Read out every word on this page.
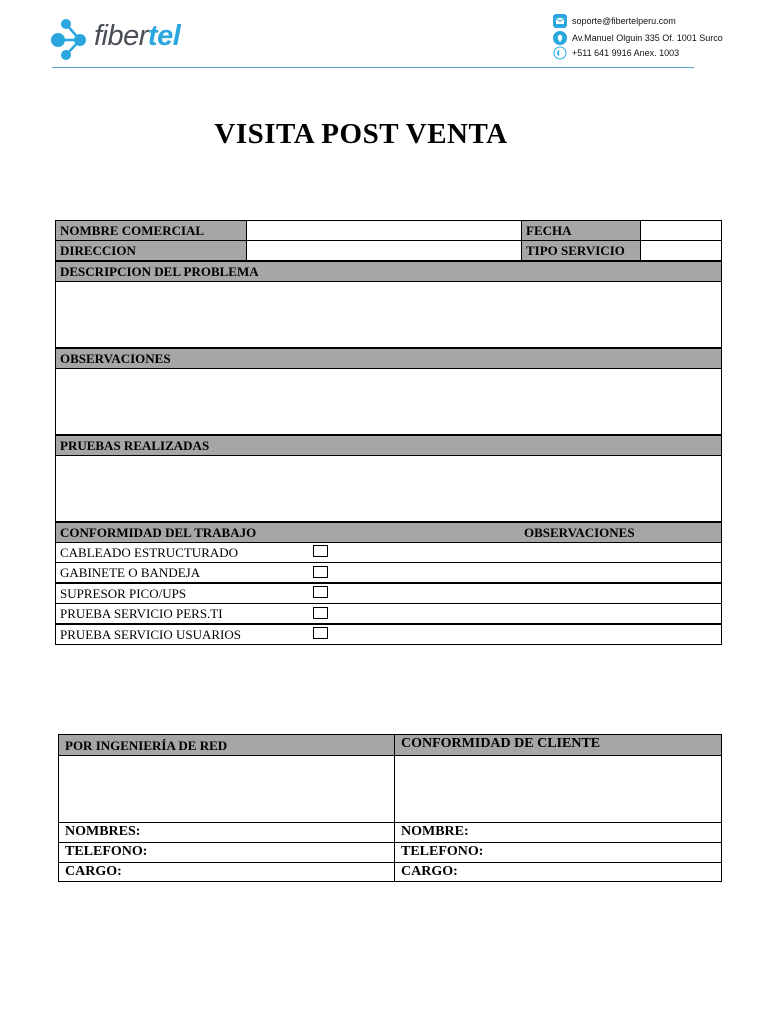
fibertel	soporte@fibertelperu.com
Av.Manuel Olguin 335 Of. 1001 Surco
+511 641 9916 Anex. 1003
VISITA POST VENTA
NOMBRE COMERCIAL	FECHA
DIRECCION	TIPO SERVICIO
DESCRIPCION DEL PROBLEMA
OBSERVACIONES
PRUEBAS REALIZADAS
CONFORMIDAD DEL TRABAJO	OBSERVACIONES
CABLEADO ESTRUCTURADO
GABINETE O BANDEJA
SUPRESOR PICO/UPS
PRUEBA SERVICIO PERS.TI
PRUEBA SERVICIO USUARIOS
POR INGENIERÍA DE RED	CONFORMIDAD DE CLIENTE
NOMBRES:	NOMBRE:
TELEFONO:	TELEFONO:
CARGO:	CARGO:
